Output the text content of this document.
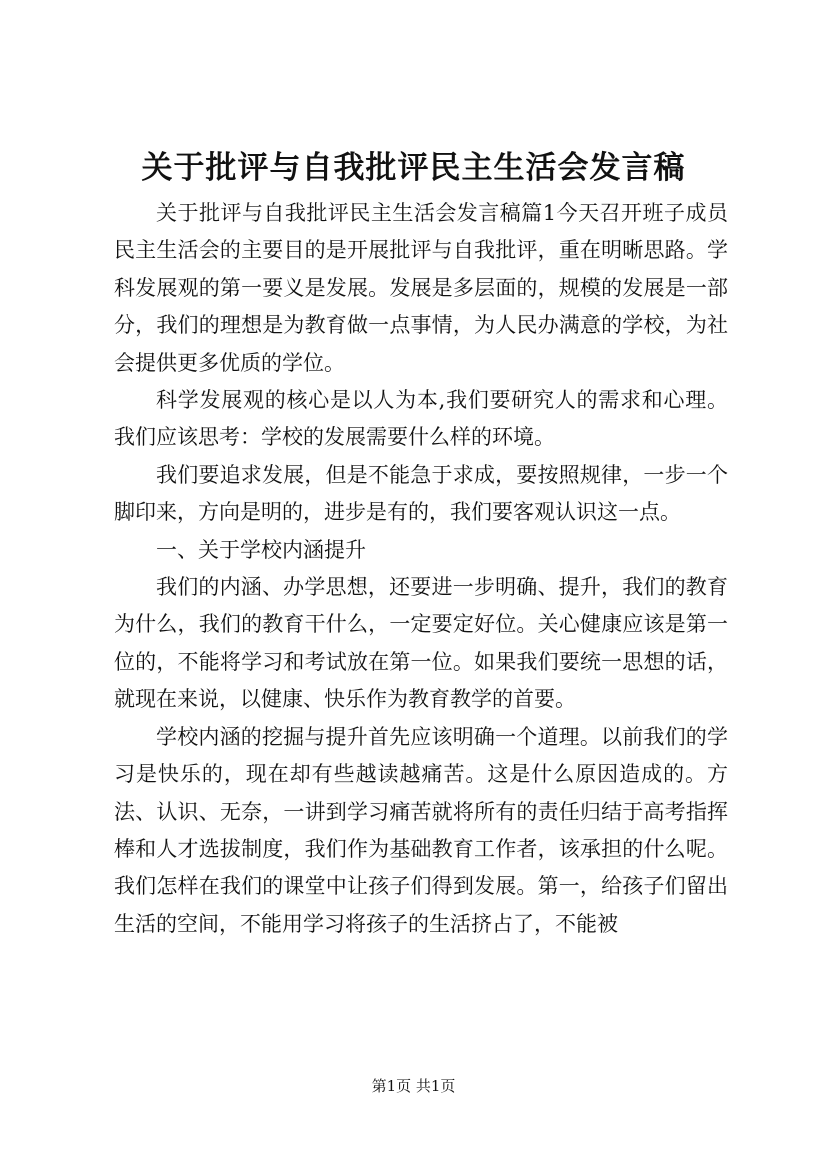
关于批评与自我批评民主生活会发言稿

关于批评与自我批评民主生活会发言稿篇1今天召开班子成员民主生活会的主要目的是开展批评与自我批评，重在明晰思路。学科发展观的第一要义是发展。发展是多层面的，规模的发展是一部分，我们的理想是为教育做一点事情，为人民办满意的学校，为社会提供更多优质的学位。

科学发展观的核心是以人为本,我们要研究人的需求和心理。我们应该思考：学校的发展需要什么样的环境。

我们要追求发展，但是不能急于求成，要按照规律，一步一个脚印来，方向是明的，进步是有的，我们要客观认识这一点。

一、关于学校内涵提升

我们的内涵、办学思想，还要进一步明确、提升，我们的教育为什么，我们的教育干什么，一定要定好位。关心健康应该是第一位的，不能将学习和考试放在第一位。如果我们要统一思想的话，就现在来说，以健康、快乐作为教育教学的首要。

学校内涵的挖掘与提升首先应该明确一个道理。以前我们的学习是快乐的，现在却有些越读越痛苦。这是什么原因造成的。方法、认识、无奈，一讲到学习痛苦就将所有的责任归结于高考指挥棒和人才选拔制度，我们作为基础教育工作者，该承担的什么呢。我们怎样在我们的课堂中让孩子们得到发展。第一，给孩子们留出生活的空间，不能用学习将孩子的生活挤占了，不能被

第1页 共1页
